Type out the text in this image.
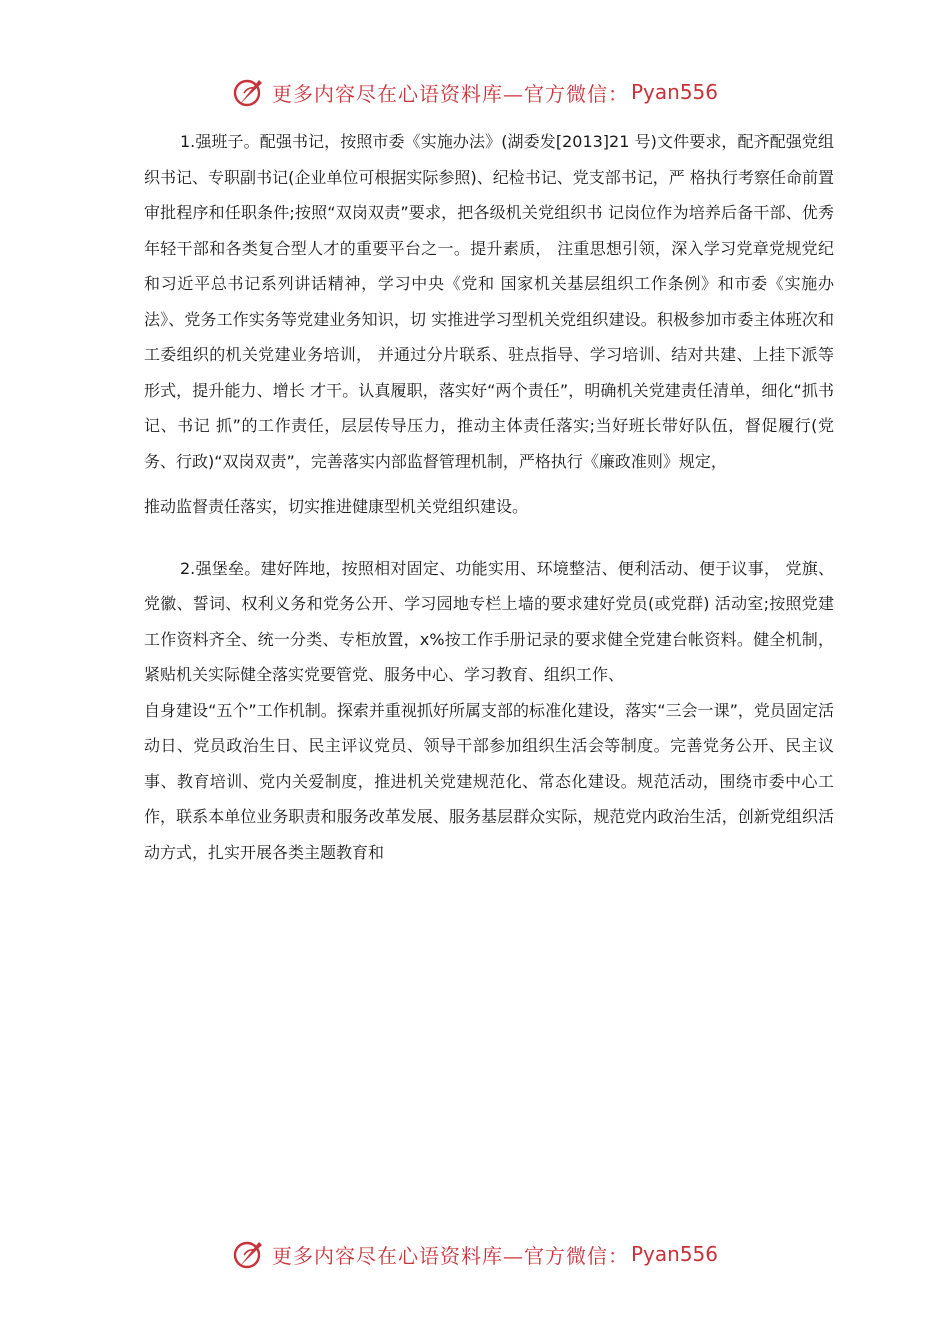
更多内容尽在心语资料库—官方微信： Pyan556

1.强班子。配强书记，按照市委《实施办法》(湖委发[2013]21 号)文件要求，配齐配强党组织书记、专职副书记(企业单位可根据实际参照)、纪检书记、党支部书记，严 格执行考察任命前置审批程序和任职条件;按照“双岗双责”要求，把各级机关党组织书 记岗位作为培养后备干部、优秀年轻干部和各类复合型人才的重要平台之一。提升素质， 注重思想引领，深入学习党章党规党纪和习近平总书记系列讲话精神，学习中央《党和 国家机关基层组织工作条例》和市委《实施办法》、党务工作实务等党建业务知识，切 实推进学习型机关党组织建设。积极参加市委主体班次和工委组织的机关党建业务培训， 并通过分片联系、驻点指导、学习培训、结对共建、上挂下派等形式，提升能力、增长 才干。认真履职，落实好“两个责任”，明确机关党建责任清单，细化“抓书记、书记 抓”的工作责任，层层传导压力，推动主体责任落实;当好班长带好队伍，督促履行(党 务、行政)“双岗双责”，完善落实内部监督管理机制，严格执行《廉政准则》规定，

推动监督责任落实，切实推进健康型机关党组织建设。

2.强堡垒。建好阵地，按照相对固定、功能实用、环境整洁、便利活动、便于议事， 党旗、党徽、誓词、权利义务和党务公开、学习园地专栏上墙的要求建好党员(或党群) 活动室;按照党建工作资料齐全、统一分类、专柜放置，x%按工作手册记录的要求健全党建台帐资料。健全机制，紧贴机关实际健全落实党要管党、服务中心、学习教育、组织工作、

自身建设“五个”工作机制。探索并重视抓好所属支部的标准化建设，落实“三会一课”，党员固定活动日、党员政治生日、民主评议党员、领导干部参加组织生活会等制度。完善党务公开、民主议事、教育培训、党内关爱制度，推进机关党建规范化、常态化建设。规范活动，围绕市委中心工作，联系本单位业务职责和服务改革发展、服务基层群众实际，规范党内政治生活，创新党组织活动方式，扎实开展各类主题教育和

更多内容尽在心语资料库—官方微信： Pyan556
